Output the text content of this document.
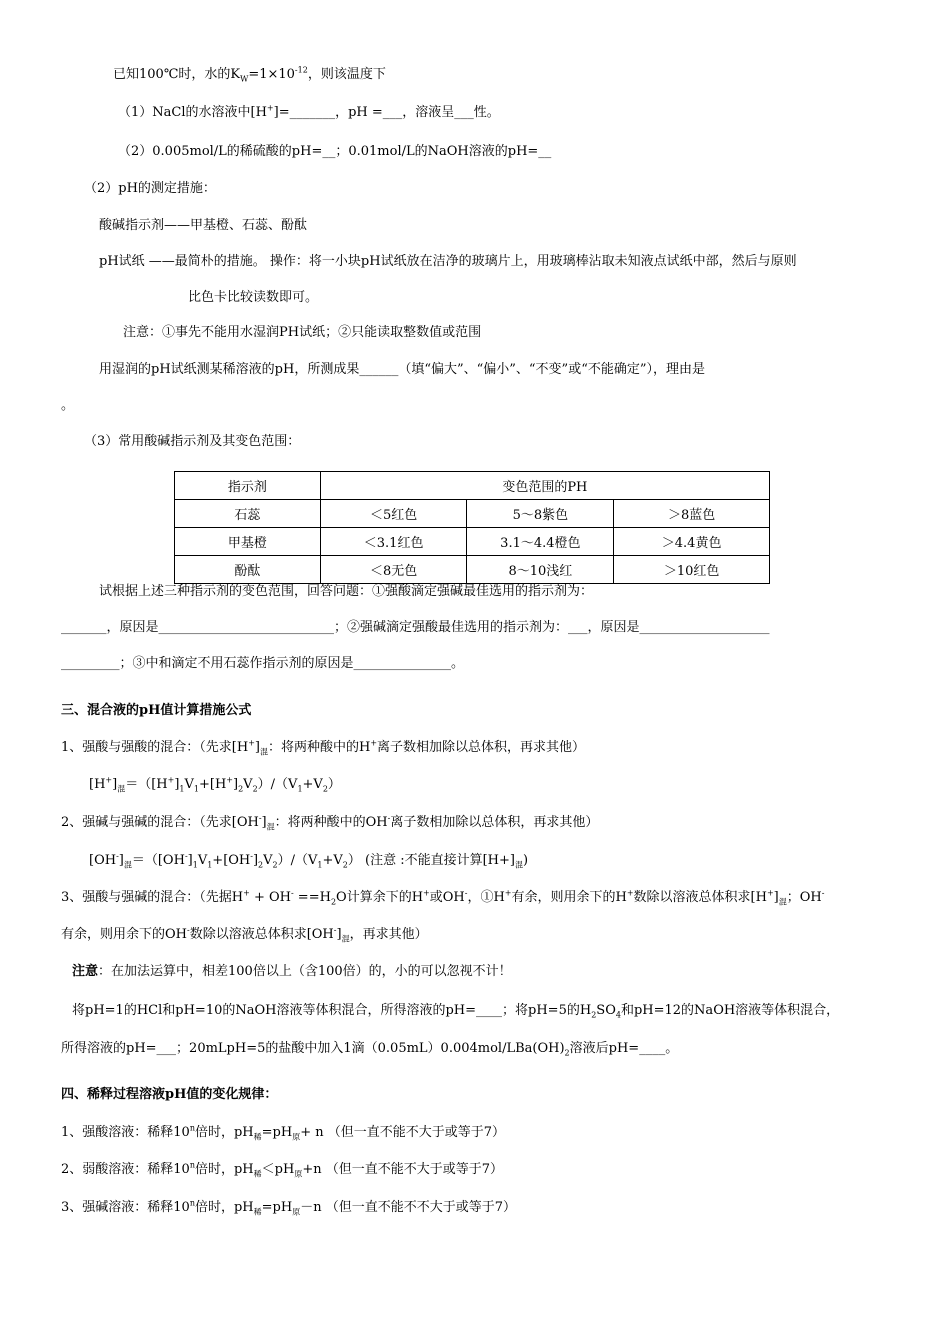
已知100℃时，水的$K_W=1\times 10^{-12}$，则该温度下
（1）NaCl的水溶液中[H+]=_______，pH =___，溶液呈___性。
（2）0.005mol/L的稀硫酸的pH=__；0.01mol/L的NaOH溶液的pH=__
（2）pH的测定措施：
酸碱指示剂——甲基橙、石蕊、酚酞
pH试纸 ——最简朴的措施。 操作：将一小块pH试纸放在洁净的玻璃片上，用玻璃棒沾取未知液点试纸中部，然后与原则
比色卡比较读数即可。
注意：①事先不能用水湿润PH试纸；②只能读取整数值或范围
用湿润的pH试纸测某稀溶液的pH，所测成果______（填“偏大”、“偏小”、“不变”或“不能确定”），理由是
。
（3）常用酸碱指示剂及其变色范围：
指示剂	变色范围的PH		
石蕊	＜5红色	5～8紫色	＞8蓝色
甲基橙	＜3.1红色	3.1～4.4橙色	＞4.4黄色
酚酞	＜8无色	8～10浅红	＞10红色
试根据上述三种指示剂的变色范围，回答问题：①强酸滴定强碱最佳选用的指示剂为：
_______，原因是___________________________；②强碱滴定强酸最佳选用的指示剂为：___，原因是____________________
_________；③中和滴定不用石蕊作指示剂的原因是_______________。
三、混合液的pH值计算措施公式
1、强酸与强酸的混合：（先求$[H^+]_混$：将两种酸中的H+离子数相加除以总体积，再求其他）
$[H^+]_混=([H^+]_1V_1+[H^+]_2V_2)/(V_1+V_2)$
2、强碱与强碱的混合：（先求$[OH^-]_混$：将两种酸中的OH-离子数相加除以总体积，再求其他）
$[OH^-]_混=([OH^-]_1V_1+[OH^-]_2V_2)/(V_1+V_2)$ (注意 :不能直接计算$[H+]_混$)
3、强酸与强碱的混合：（先据$H^+ + OH^- ==H_2O$计算余下的H+或OH-，①H+有余，则用余下的H+数除以溶液总体积求$[H^+]_混$；OH-
有余，则用余下的OH-数除以溶液总体积求$[OH^-]_混$，再求其他）
注意：在加法运算中，相差100倍以上（含100倍）的，小的可以忽视不计！
将pH=1的HCl和pH=10的NaOH溶液等体积混合，所得溶液的pH=____；将pH=5的$H_2SO_4$和pH=12的NaOH溶液等体积混合，
所得溶液的pH=___；20mLpH=5的盐酸中加入1滴$(0.05mL)0.004mol/LBa(OH)_2$溶液后pH=____。
四、稀释过程溶液pH值的变化规律：
1、强酸溶液：稀释10$^n$倍时，$pH_稀=pH_原+ n$ （但一直不能不大于或等于7）
2、弱酸溶液：稀释10$^n$倍时，$pH_稀<pH_原+n$ （但一直不能不大于或等于7）
3、强碱溶液：稀释10$^n$倍时，$pH_稀=pH_原-n$ （但一直不能不不大于或等于7）
